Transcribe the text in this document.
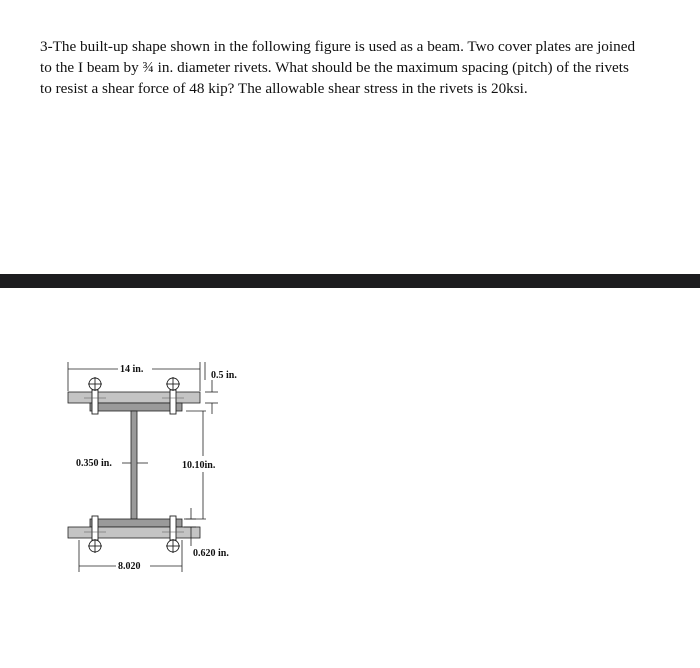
3-The built-up shape shown in the following figure is used as a beam. Two cover plates are joined
to the I beam by ¾ in. diameter rivets. What should be the maximum spacing (pitch) of the rivets
to resist a shear force of 48 kip? The allowable shear stress in the rivets is 20ksi.

14 in.
0.5 in.
0.350 in.	10.10in.
0.620 in.
8.020
